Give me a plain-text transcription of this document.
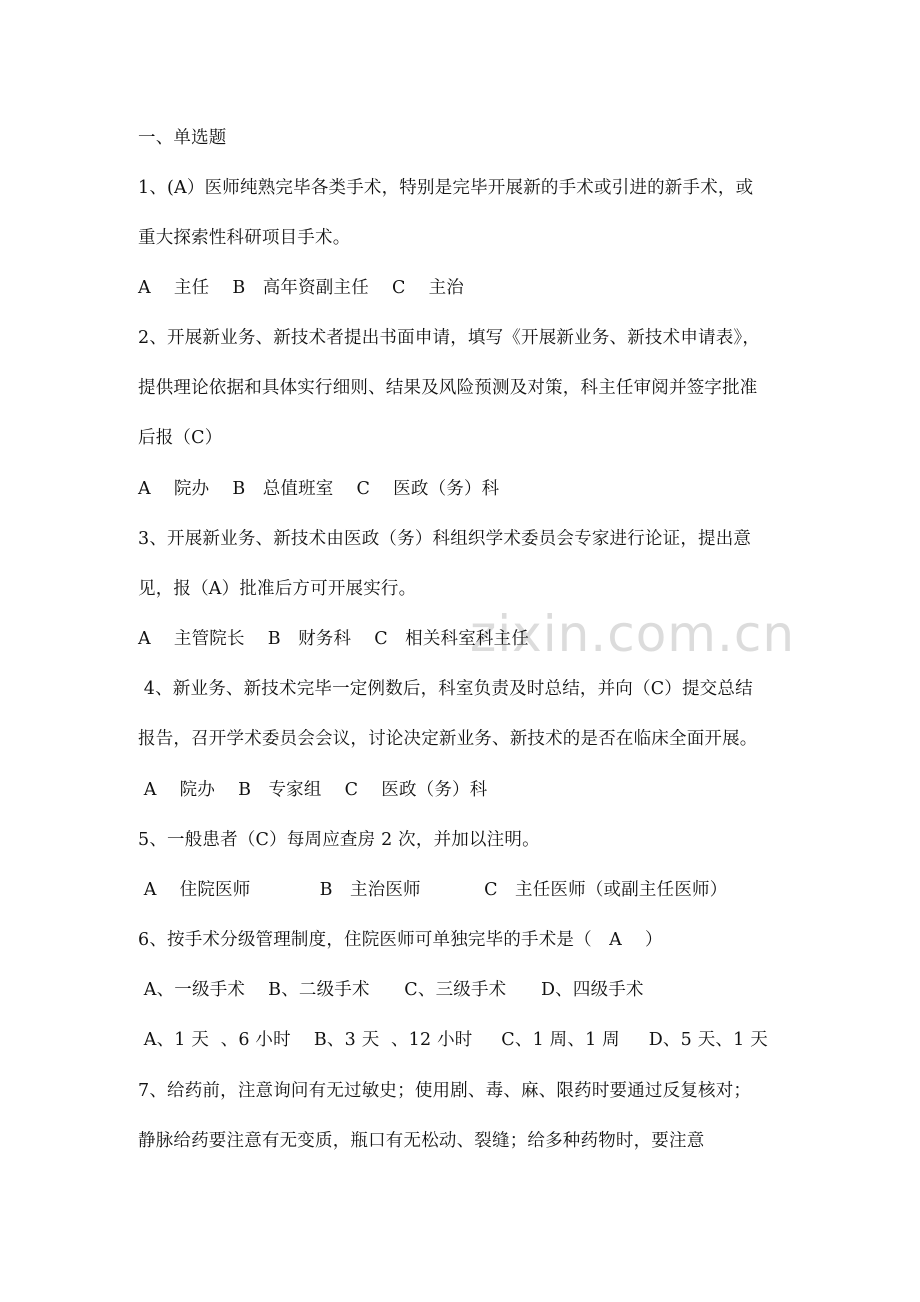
zixin.com.cn
一、单选题
1、(A）医师纯熟完毕各类手术，特别是完毕开展新的手术或引进的新手术，或
重大探索性科研项目手术。
A    主任    B   高年资副主任    C    主治
2、开展新业务、新技术者提出书面申请，填写《开展新业务、新技术申请表》，
提供理论依据和具体实行细则、结果及风险预测及对策，科主任审阅并签字批准
后报（C）
A    院办    B   总值班室    C    医政（务）科
3、开展新业务、新技术由医政（务）科组织学术委员会专家进行论证，提出意
见，报（A）批准后方可开展实行。
A    主管院长    B   财务科    C   相关科室科主任
4、新业务、新技术完毕一定例数后，科室负责及时总结，并向（C）提交总结
报告，召开学术委员会会议，讨论决定新业务、新技术的是否在临床全面开展。
A    院办    B   专家组    C    医政（务）科
5、一般患者（C）每周应查房 2 次，并加以注明。
A    住院医师            B   主治医师           C   主任医师（或副主任医师）
6、按手术分级管理制度，住院医师可单独完毕的手术是（   A    ）
A、一级手术    B、二级手术      C、三级手术      D、四级手术
A、1 天  、6 小时    B、3 天  、12 小时     C、1 周、1 周     D、5 天、1 天
7、给药前，注意询问有无过敏史；使用剧、毒、麻、限药时要通过反复核对；
静脉给药要注意有无变质，瓶口有无松动、裂缝；给多种药物时，要注意
